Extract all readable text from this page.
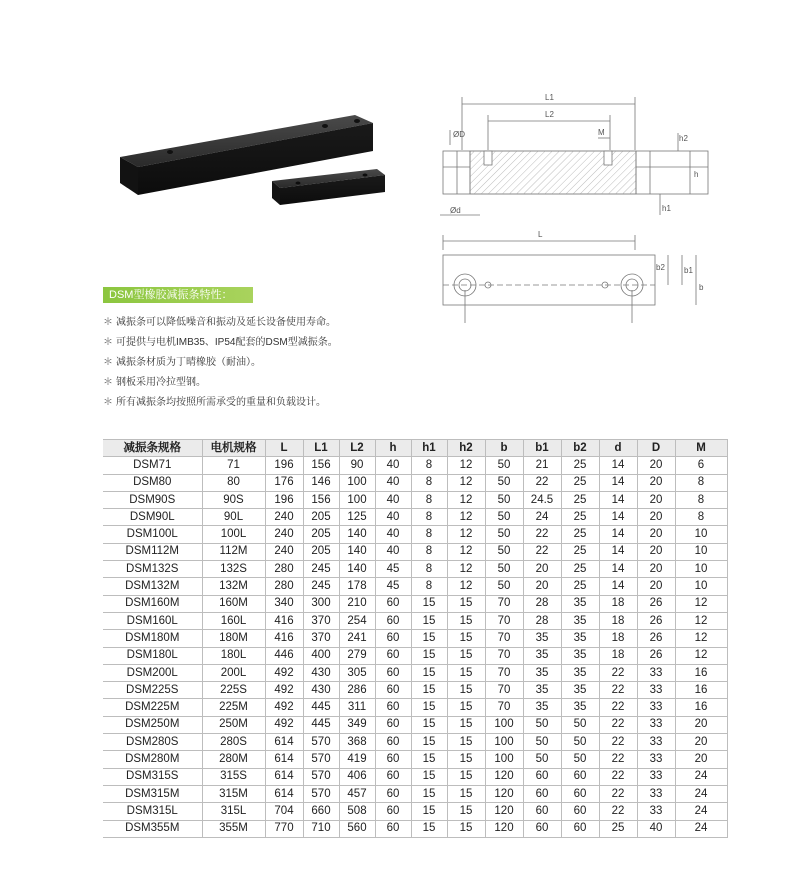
L1
L2
ØD	M
h2
h
Ød	h1
L
b2 b1
b
DSM型橡胶减振条特性：
＊ 减振条可以降低噪音和振动及延长设备使用寿命。
＊ 可提供与电机IMB35、IP54配套的DSM型减振条。
＊ 减振条材质为丁晴橡胶（耐油）。
＊ 钢板采用冷拉型钢。
＊ 所有减振条均按照所需承受的重量和负载设计。
减振条规格	电机规格	L	L1	L2	h	h1	h2	b	b1	b2	d	D	M
DSM71	71	196	156	90	40	8	12	50	21	25	14	20	6
DSM80	80	176	146	100	40	8	12	50	22	25	14	20	8
DSM90S	90S	196	156	100	40	8	12	50	24.5	25	14	20	8
DSM90L	90L	240	205	125	40	8	12	50	24	25	14	20	8
DSM100L	100L	240	205	140	40	8	12	50	22	25	14	20	10
DSM112M	112M	240	205	140	40	8	12	50	22	25	14	20	10
DSM132S	132S	280	245	140	45	8	12	50	20	25	14	20	10
DSM132M	132M	280	245	178	45	8	12	50	20	25	14	20	10
DSM160M	160M	340	300	210	60	15	15	70	28	35	18	26	12
DSM160L	160L	416	370	254	60	15	15	70	28	35	18	26	12
DSM180M	180M	416	370	241	60	15	15	70	35	35	18	26	12
DSM180L	180L	446	400	279	60	15	15	70	35	35	18	26	12
DSM200L	200L	492	430	305	60	15	15	70	35	35	22	33	16
DSM225S	225S	492	430	286	60	15	15	70	35	35	22	33	16
DSM225M	225M	492	445	311	60	15	15	70	35	35	22	33	16
DSM250M	250M	492	445	349	60	15	15	100	50	50	22	33	20
DSM280S	280S	614	570	368	60	15	15	100	50	50	22	33	20
DSM280M	280M	614	570	419	60	15	15	100	50	50	22	33	20
DSM315S	315S	614	570	406	60	15	15	120	60	60	22	33	24
DSM315M	315M	614	570	457	60	15	15	120	60	60	22	33	24
DSM315L	315L	704	660	508	60	15	15	120	60	60	22	33	24
DSM355M	355M	770	710	560	60	15	15	120	60	60	25	40	24
